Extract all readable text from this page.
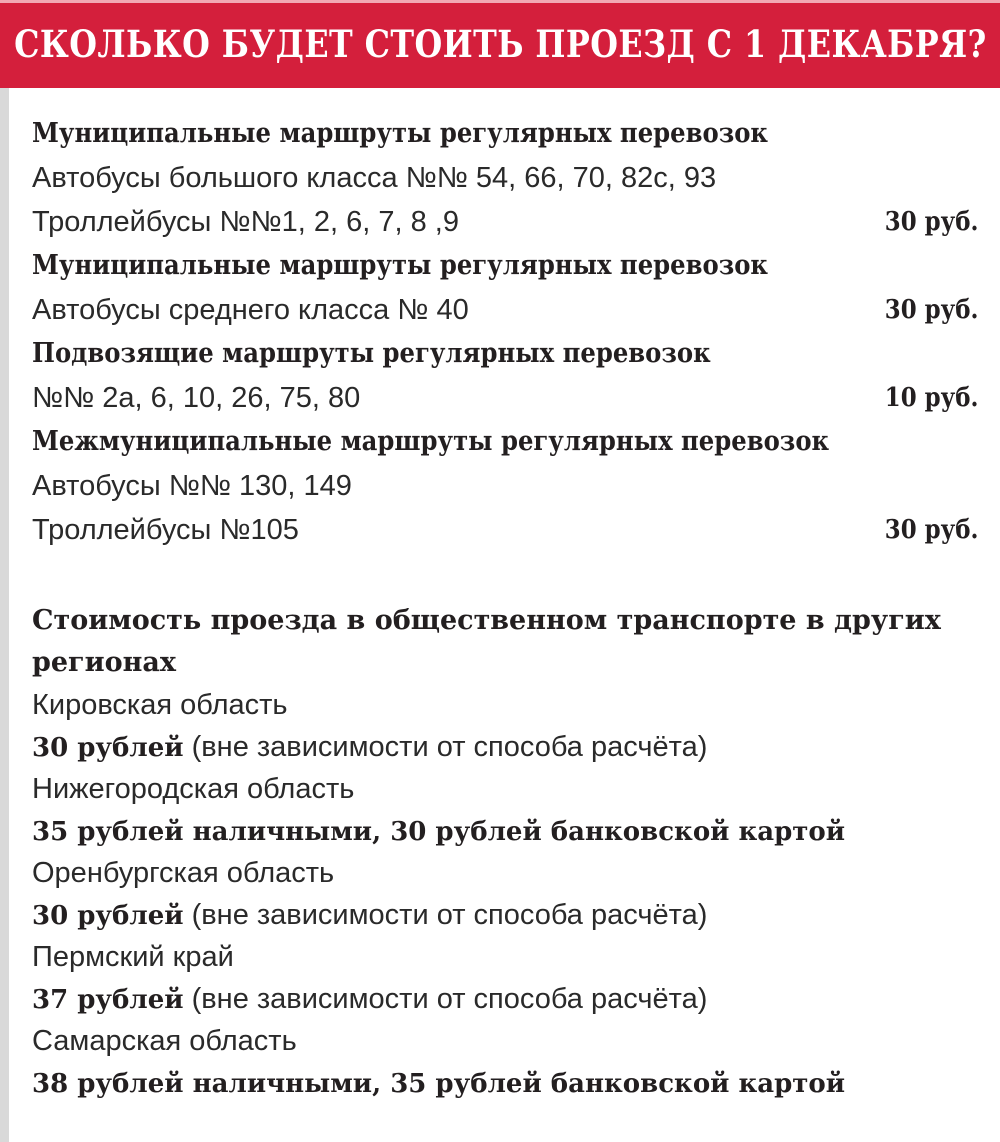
СКОЛЬКО БУДЕТ СТОИТЬ ПРОЕЗД С 1 ДЕКАБРЯ?
Муниципальные маршруты регулярных перевозок
Автобусы большого класса №№ 54, 66, 70, 82с, 93
Троллейбусы №№1, 2, 6, 7, 8 ,9	30 руб.
Муниципальные маршруты регулярных перевозок
Автобусы среднего класса № 40	30 руб.
Подвозящие маршруты регулярных перевозок
№№ 2а, 6, 10, 26, 75, 80	10 руб.
Межмуниципальные маршруты регулярных перевозок
Автобусы №№ 130, 149
Троллейбусы №105	30 руб.
Стоимость проезда в общественном транспорте в других регионах
Кировская область
30 рублей (вне зависимости от способа расчёта)
Нижегородская область
35 рублей наличными, 30 рублей банковской картой
Оренбургская область
30 рублей (вне зависимости от способа расчёта)
Пермский край
37 рублей (вне зависимости от способа расчёта)
Самарская область
38 рублей наличными, 35 рублей банковской картой
